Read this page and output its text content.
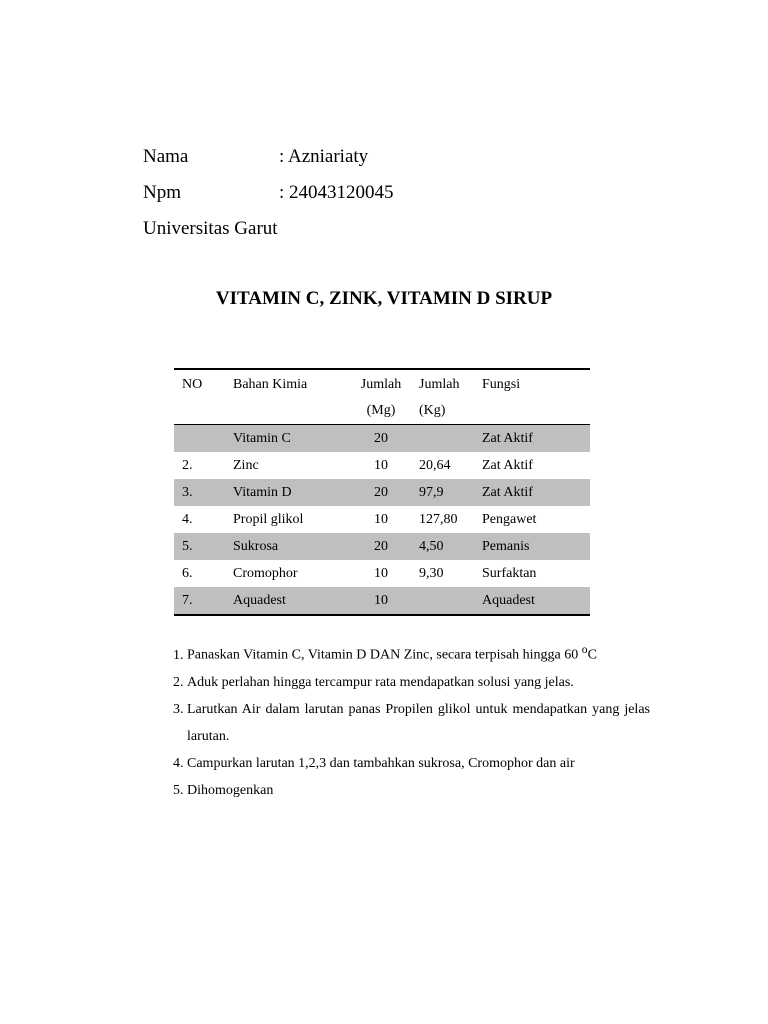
Nama	: Azniariaty
Npm	: 24043120045
Universitas Garut
VITAMIN C, ZINK, VITAMIN D SIRUP
NO	Bahan Kimia	Jumlah	Jumlah	Fungsi
		(Mg)	(Kg)	
	Vitamin C	20		Zat Aktif
2.	Zinc	10	20,64	Zat Aktif
3.	Vitamin D	20	97,9	Zat Aktif
4.	Propil glikol	10	127,80	Pengawet
5.	Sukrosa	20	4,50	Pemanis
6.	Cromophor	10	9,30	Surfaktan
7.	Aquadest	10		Aquadest
1. Panaskan Vitamin C, Vitamin D DAN Zinc, secara terpisah hingga 60 $^o$C
2. Aduk perlahan hingga tercampur rata mendapatkan solusi yang jelas.
3. Larutkan Air dalam larutan panas Propilen glikol untuk mendapatkan yang jelas larutan.
4. Campurkan larutan 1,2,3 dan tambahkan sukrosa, Cromophor dan air
5. Dihomogenkan
